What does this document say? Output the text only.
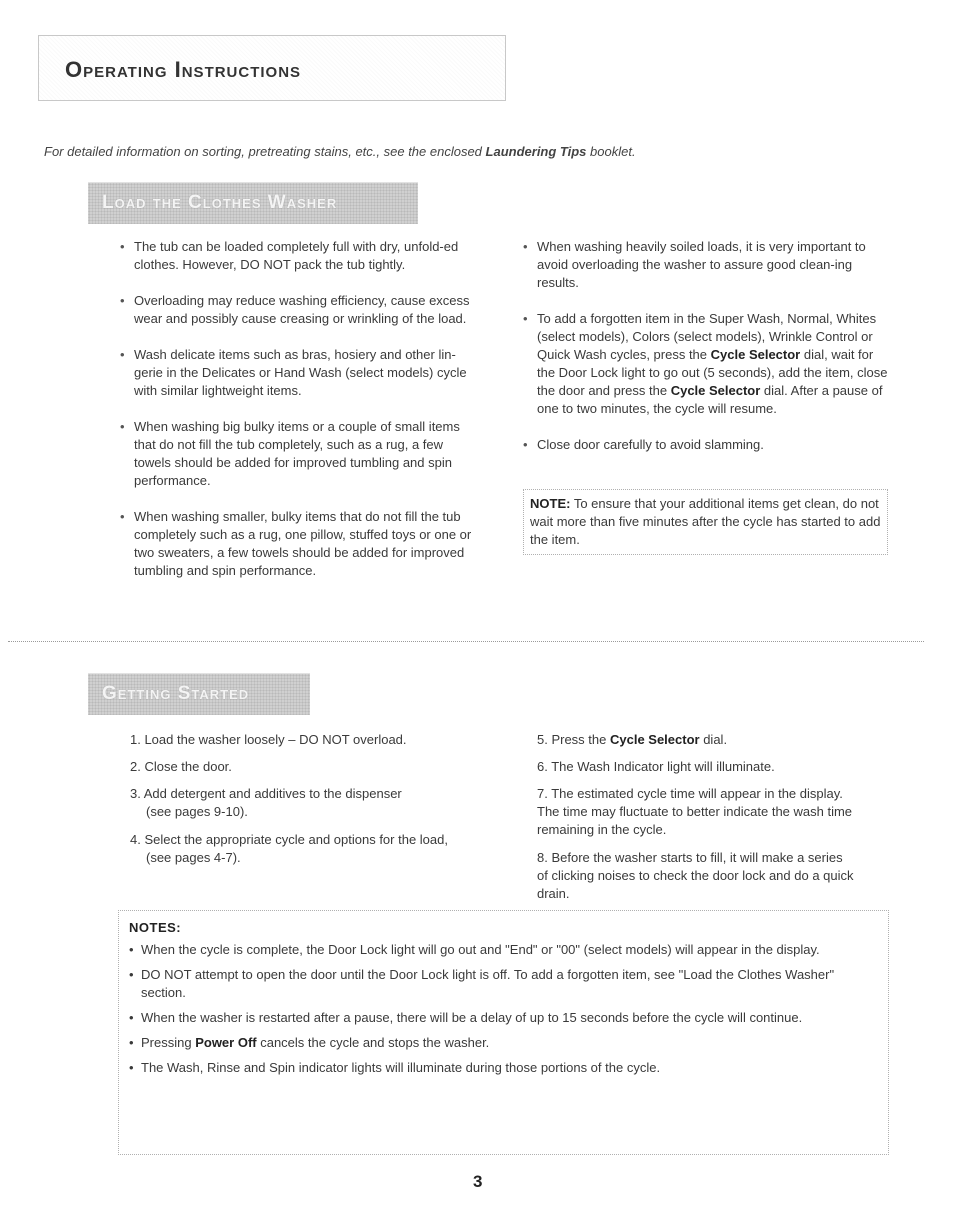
Operating Instructions
For detailed information on sorting, pretreating stains, etc., see the enclosed Laundering Tips booklet.
Load the Clothes Washer

• The tub can be loaded completely full with dry, unfold-ed clothes. However, DO NOT pack the tub tightly.

• Overloading may reduce washing efficiency, cause excess wear and possibly cause creasing or wrinkling of the load.

• Wash delicate items such as bras, hosiery and other lin-gerie in the Delicates or Hand Wash (select models) cycle with similar lightweight items.

• When washing big bulky items or a couple of small items that do not fill the tub completely, such as a rug, a few towels should be added for improved tumbling and spin performance.

• When washing smaller, bulky items that do not fill the tub completely such as a rug, one pillow, stuffed toys or one or two sweaters, a few towels should be added for improved tumbling and spin performance.

• When washing heavily soiled loads, it is very important to avoid overloading the washer to assure good clean-ing results.

• To add a forgotten item in the Super Wash, Normal, Whites (select models), Colors (select models), Wrinkle Control or Quick Wash cycles, press the Cycle Selector dial, wait for the Door Lock light to go out (5 seconds), add the item, close the door and press the Cycle Selector dial. After a pause of one to two minutes, the cycle will resume.

• Close door carefully to avoid slamming.

NOTE: To ensure that your additional items get clean, do not wait more than five minutes after the cycle has started to add the item.
Getting Started
1. Load the washer loosely – DO NOT overload.
2. Close the door.
3. Add detergent and additives to the dispenser
(see pages 9-10).
4. Select the appropriate cycle and options for the load,
(see pages 4-7).
5. Press the Cycle Selector dial.
6. The Wash Indicator light will illuminate.
7. The estimated cycle time will appear in the display. The time may fluctuate to better indicate the wash time remaining in the cycle.
8. Before the washer starts to fill, it will make a series of clicking noises to check the door lock and do a quick drain.
NOTES:

• When the cycle is complete, the Door Lock light will go out and "End" or "00" (select models) will appear in the display.

• DO NOT attempt to open the door until the Door Lock light is off. To add a forgotten item, see "Load the Clothes Washer" section.

• When the washer is restarted after a pause, there will be a delay of up to 15 seconds before the cycle will continue.

• Pressing Power Off cancels the cycle and stops the washer.

• The Wash, Rinse and Spin indicator lights will illuminate during those portions of the cycle.

3
